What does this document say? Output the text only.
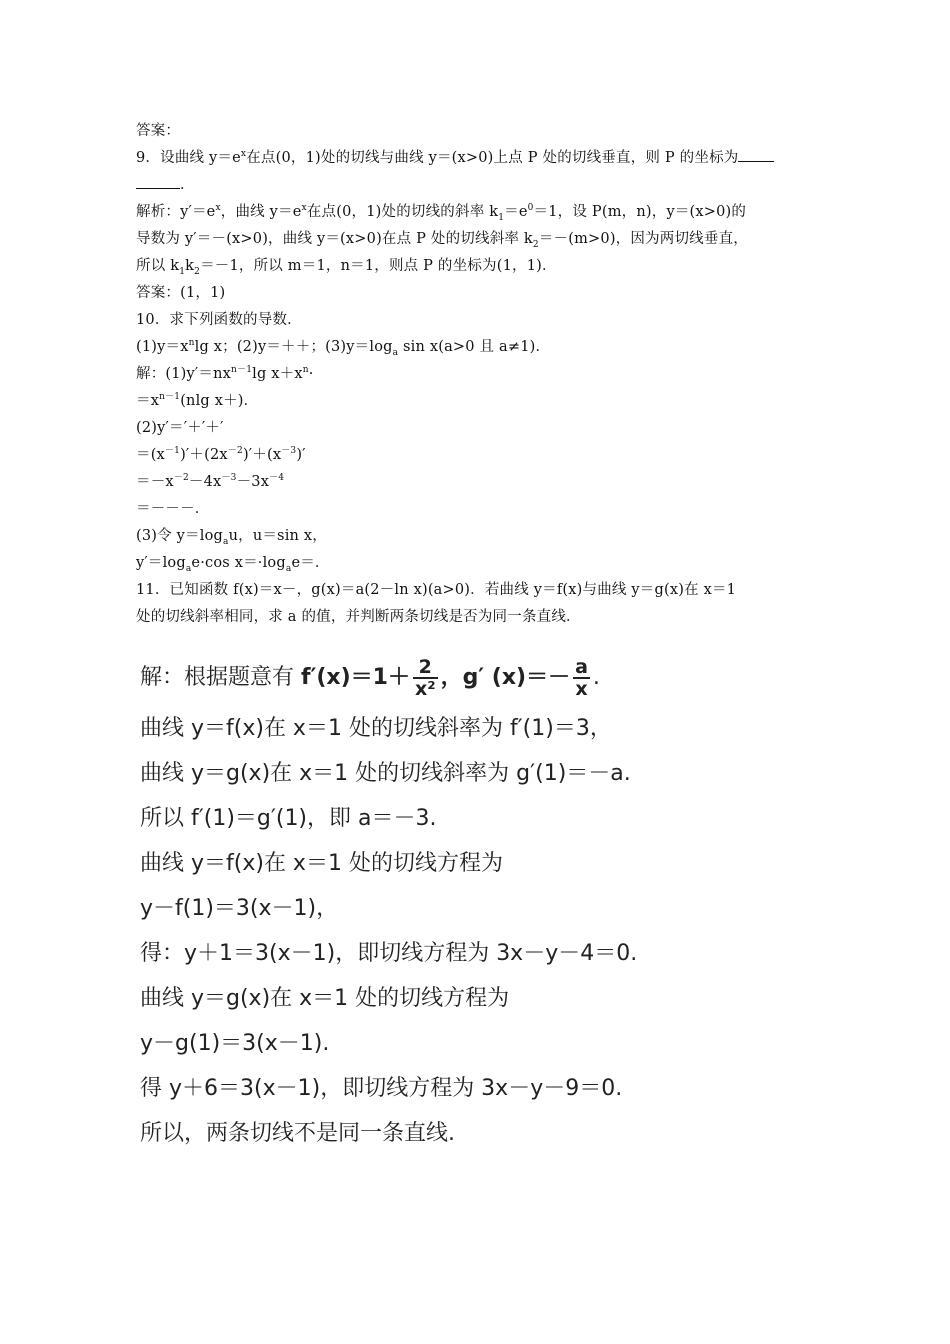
答案：
9．设曲线 $y=e^x$在点(0，1)处的切线与曲线 y＝(x>0)上点 P 处的切线垂直，则 P 的坐标为
．
解析：$y'=e^x$，曲线 $y=e^x$在点(0，1)处的切线的斜率 $k_1=e^0=1$，设 P(m，n)，y＝(x>0)的
导数为 y′＝－(x>0)，曲线 y＝(x>0)在点 P 处的切线斜率 $k_2=-(m>0)$，因为两切线垂直，
所以 $k_1k_2=-1$，所以 m＝1，n＝1，则点 P 的坐标为(1，1)．
答案：(1，1)
10．求下列函数的导数．
$(1)y=x^n\lg$ x；(2)y＝＋＋；$(3)y=\log_a$ sin x(a>0 且 a≠1)．
解：$(1)y'=nx^{n-1}\lg$ $x+x^n\cdot$
$=x^{n-1}(nlg$ x＋)．
(2)y′＝′＋′＋′
$=(x^{-1})'+(2x^{-2})'+(x^{-3})'$
$=-x^{-2}-4x^{-3}-3x^{-4}$
＝－－－．
(3)令 $y=\log_au$，u＝sin x，
$y'=\log_ae\cdot\cos$ $x=\cdot\log_ae=$．
11．已知函数 f(x)＝x－，g(x)＝a(2－ln x)(a>0)．若曲线 y＝f(x)与曲线 y＝g(x)在 x＝1
处的切线斜率相同，求 a 的值，并判断两条切线是否为同一条直线．
解：根据题意有 $f'(x)=1+ \frac{2}{\text{x²}}$ ，g′ $(x)=- \frac{a}{x}$ .
曲线 y＝f(x)在 x＝1 处的切线斜率为 f′(1)＝3，
曲线 y＝g(x)在 x＝1 处的切线斜率为 g′(1)＝－a.
所以 f′(1)＝g′(1)，即 a＝－3.
曲线 y＝f(x)在 x＝1 处的切线方程为
y－f(1)＝3(x－1)，
得：y＋1＝3(x－1)，即切线方程为 3x－y－4＝0.
曲线 y＝g(x)在 x＝1 处的切线方程为
y－g(1)＝3(x－1).
得 y＋6＝3(x－1)，即切线方程为 3x－y－9＝0.
所以，两条切线不是同一条直线.
